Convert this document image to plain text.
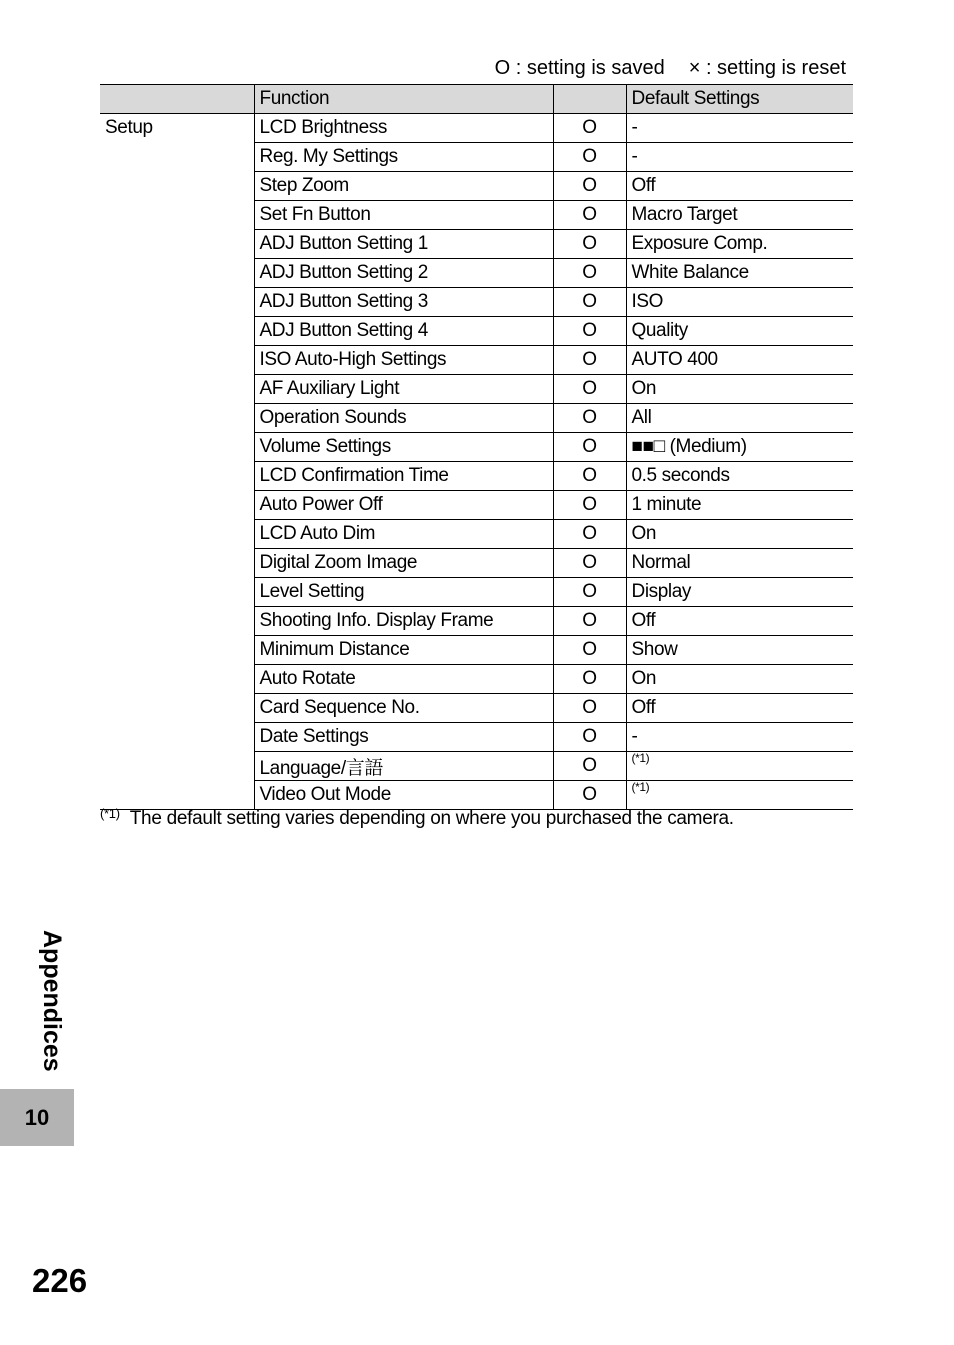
O : setting is saved × : setting is reset
	Function		Default Settings
Setup	LCD Brightness	O	-
	Reg. My Settings	O	-
	Step Zoom	O	Off
	Set Fn Button	O	Macro Target
	ADJ Button Setting 1	O	Exposure Comp.
	ADJ Button Setting 2	O	White Balance
	ADJ Button Setting 3	O	ISO
	ADJ Button Setting 4	O	Quality
	ISO Auto-High Settings	O	AUTO 400
	AF Auxiliary Light	O	On
	Operation Sounds	O	All
	Volume Settings	O	■■□ (Medium)
	LCD Confirmation Time	O	0.5 seconds
	Auto Power Off	O	1 minute
	LCD Auto Dim	O	On
	Digital Zoom Image	O	Normal
	Level Setting	O	Display
	Shooting Info. Display Frame	O	Off
	Minimum Distance	O	Show
	Auto Rotate	O	On
	Card Sequence No.	O	Off
	Date Settings	O	-
	Language/言語	O	$^{(*1)}$
	Video Out Mode	O	$^{(*1)}$
$^{(*1)}$ The default setting varies depending on where you purchased the camera.
Appendices
10
226
